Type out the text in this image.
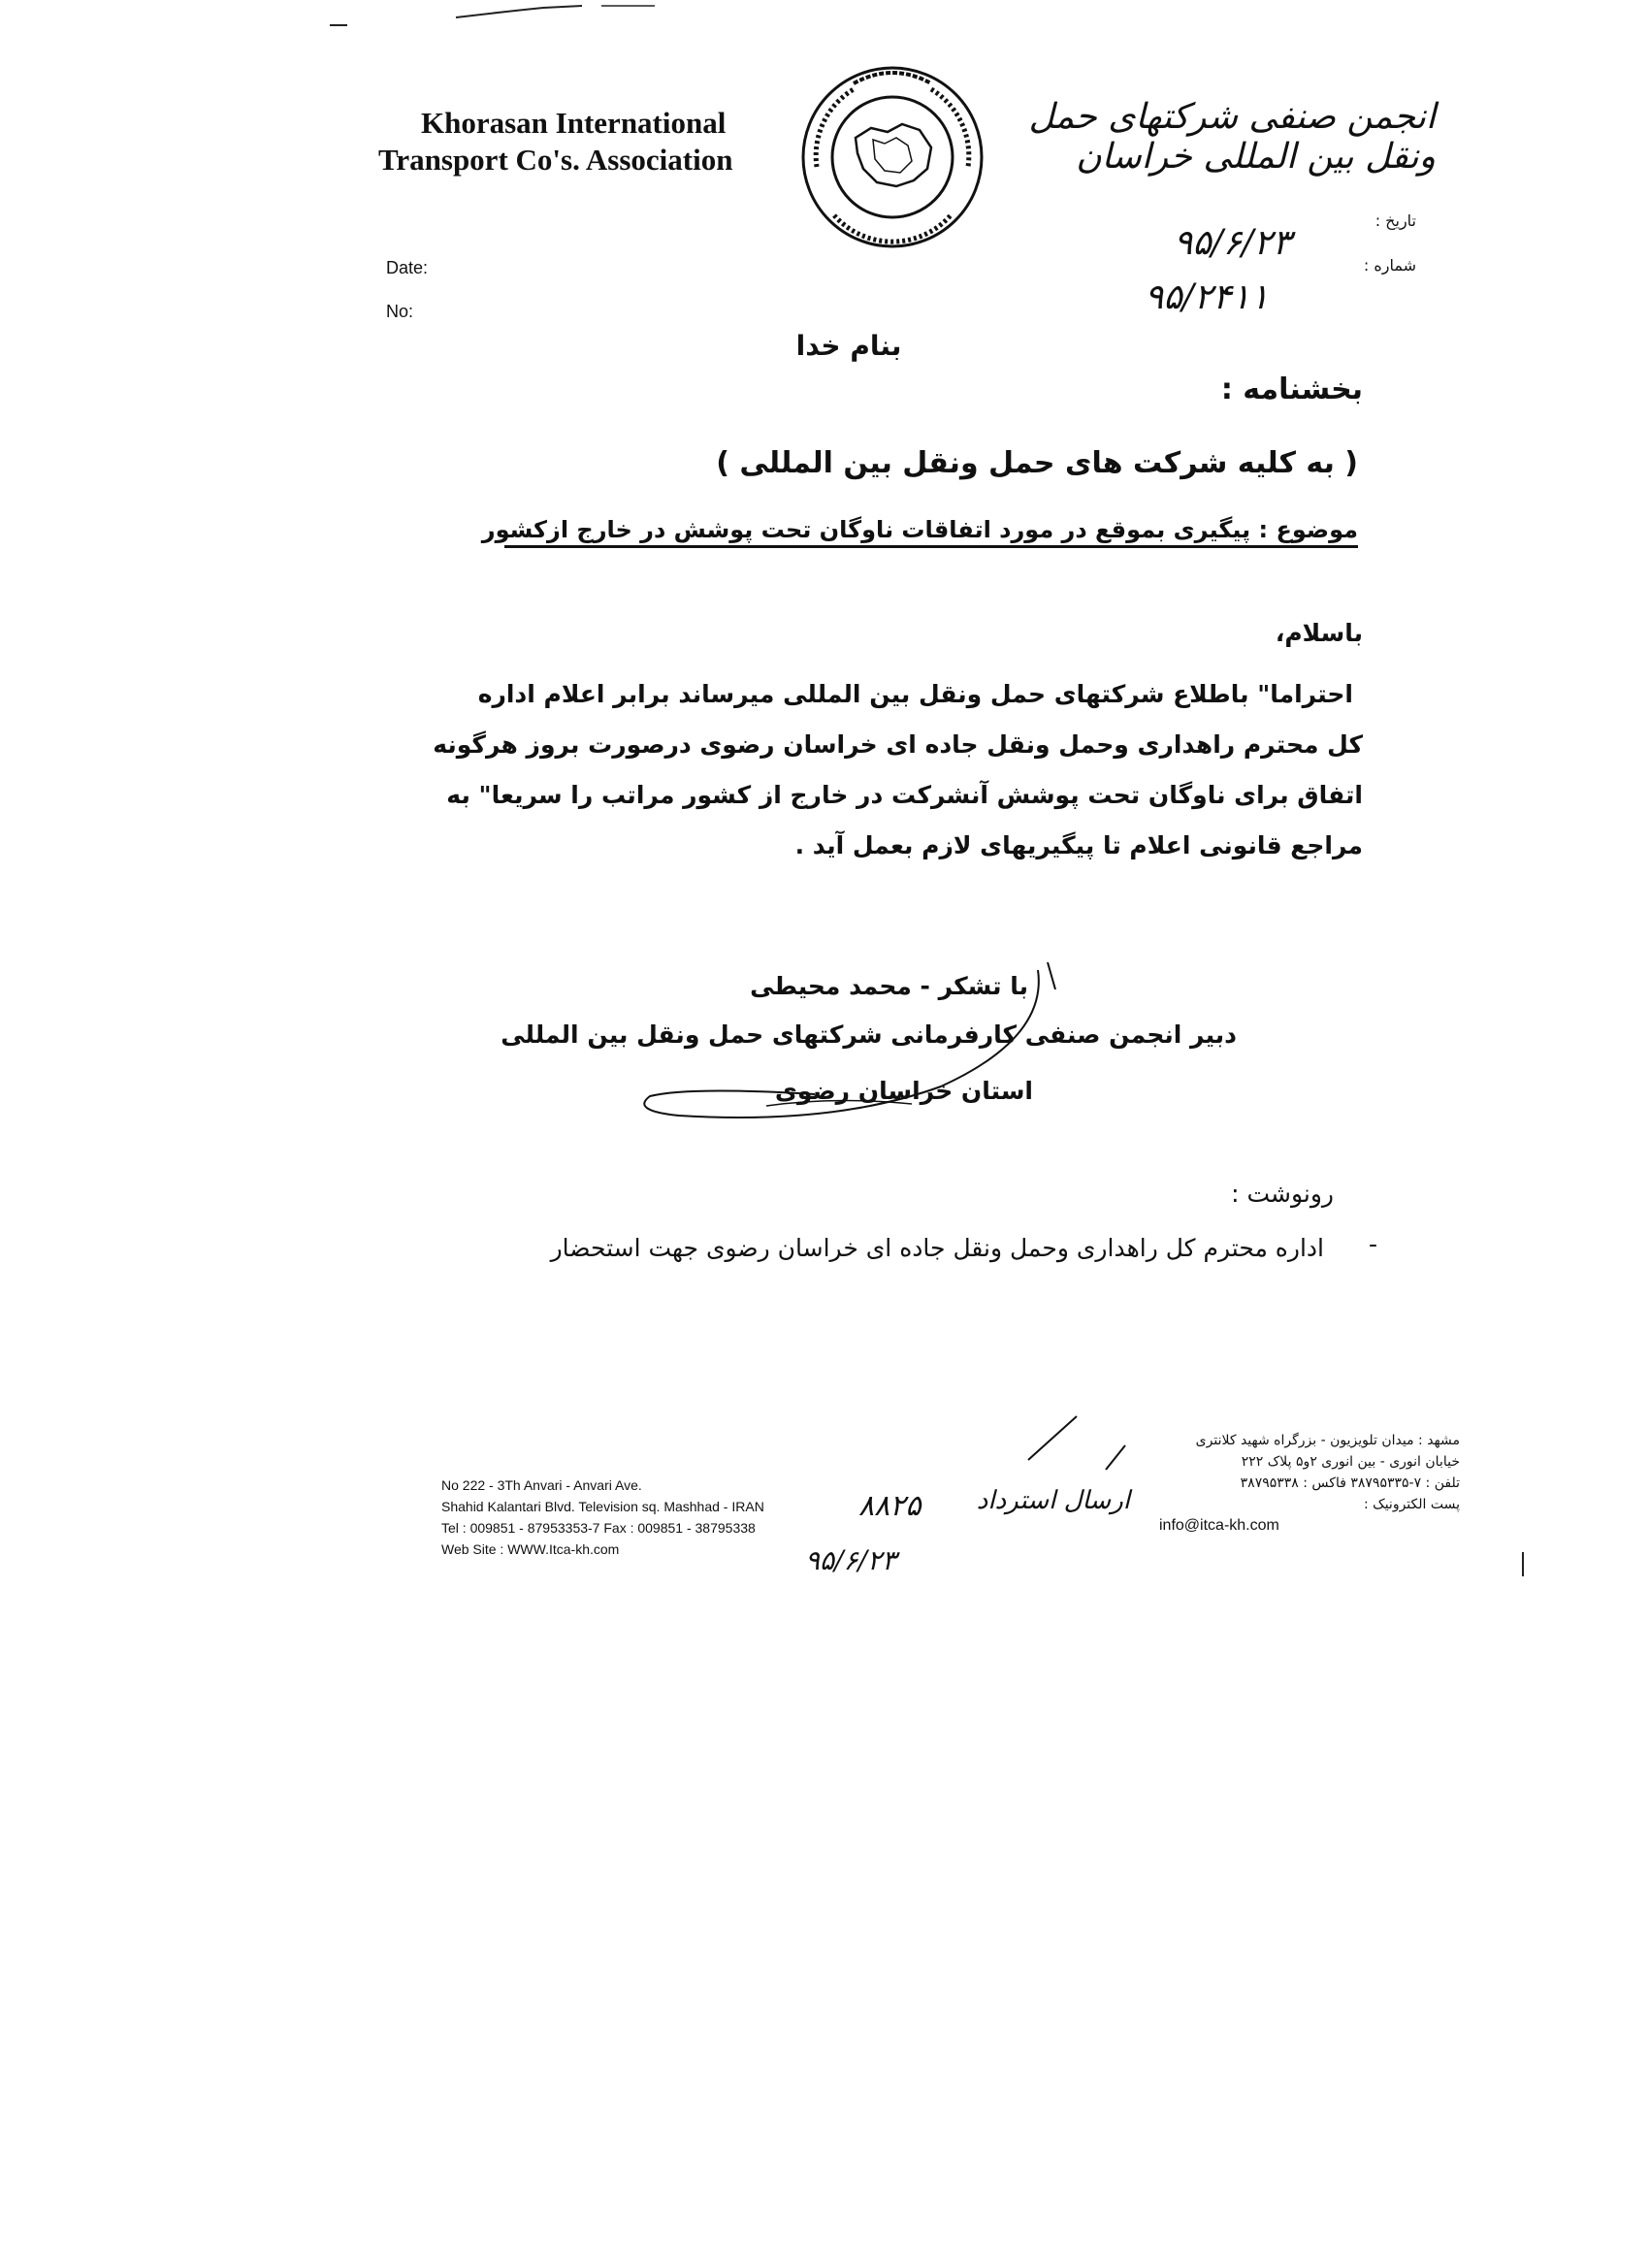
Khorasan International
Transport Co's. Association
انجمن صنفی شرکتهای حمل ونقل بین المللی خراسان
Date:
No:
تاریخ :
شماره :
۹۵/۶/۲۳
۹۵/۲۴۱۱
بنام خدا
بخشنامه :
( به کلیه شرکت های حمل ونقل بین المللی )
موضوع : پیگیری بموقع در مورد اتفاقات ناوگان تحت پوشش در خارج ازکشور
باسلام،
احتراما" باطلاع شرکتهای حمل ونقل بین المللی میرساند برابر اعلام اداره
کل محترم راهداری وحمل ونقل جاده ای خراسان رضوی درصورت بروز هرگونه
اتفاق برای ناوگان تحت پوشش آنشرکت در خارج از کشور مراتب را سریعا" به
مراجع قانونی اعلام تا پیگیریهای لازم بعمل آید .
با تشکر - محمد محیطی
دبیر انجمن صنفی کارفرمانی شرکتهای حمل ونقل بین المللی
استان خراسان رضوی
رونوشت :
-
اداره محترم کل راهداری وحمل ونقل جاده ای خراسان رضوی جهت استحضار
No 222 - 3Th Anvari - Anvari Ave.
Shahid Kalantari Blvd. Television sq. Mashhad - IRAN
Tel : 009851 - 87953353-7 Fax : 009851 - 38795338
Web Site : WWW.Itca-kh.com
مشهد : میدان تلویزیون - بزرگراه شهید کلانتری
خیابان انوری - بین انوری ۲و۵ پلاک ۲۲۲
تلفن : ۷-۳۸۷۹۵۳۳۵ فاکس : ۳۸۷۹۵۳۳۸
پست الکترونیک :
info@itca-kh.com
۸۸۲۵	ارسال استرداد
۹۵/۶/۲۳
